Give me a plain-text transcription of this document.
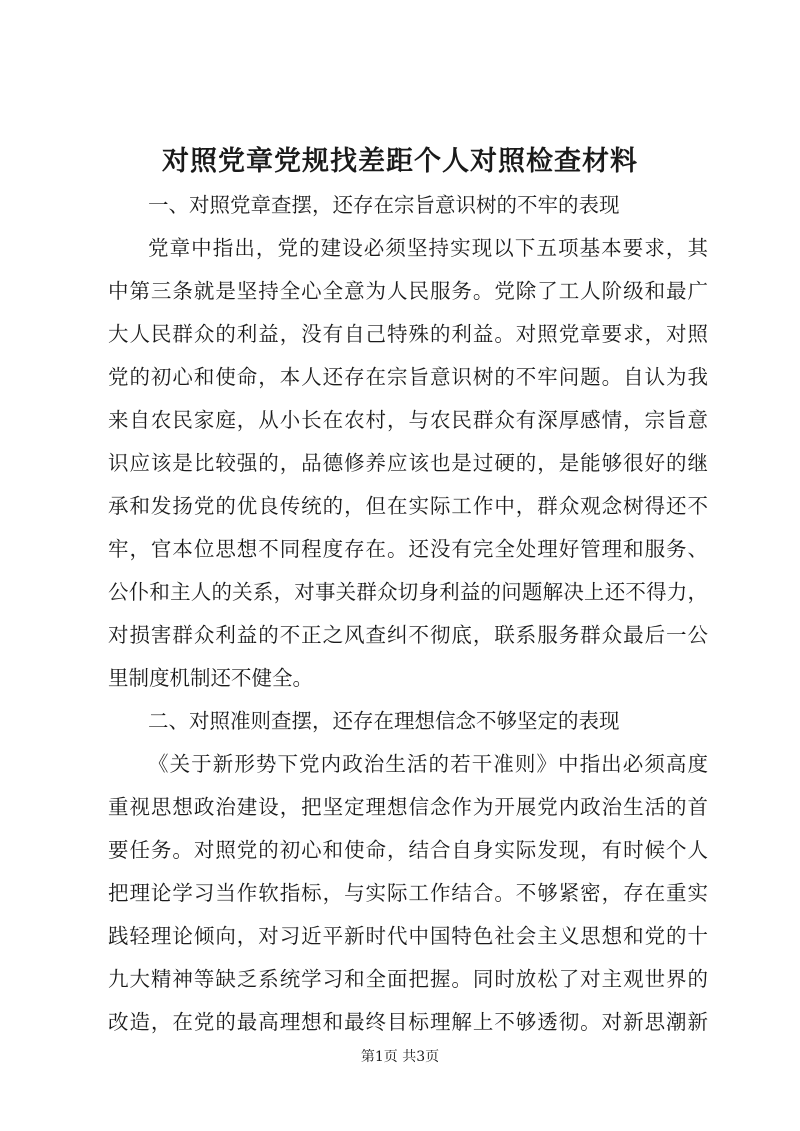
对照党章党规找差距个人对照检查材料
一、对照党章查摆，还存在宗旨意识树的不牢的表现
党章中指出，党的建设必须坚持实现以下五项基本要求，其
中第三条就是坚持全心全意为人民服务。党除了工人阶级和最广
大人民群众的利益，没有自己特殊的利益。对照党章要求，对照
党的初心和使命，本人还存在宗旨意识树的不牢问题。自认为我
来自农民家庭，从小长在农村，与农民群众有深厚感情，宗旨意
识应该是比较强的，品德修养应该也是过硬的，是能够很好的继
承和发扬党的优良传统的，但在实际工作中，群众观念树得还不
牢，官本位思想不同程度存在。还没有完全处理好管理和服务、
公仆和主人的关系，对事关群众切身利益的问题解决上还不得力，
对损害群众利益的不正之风查纠不彻底，联系服务群众最后一公
里制度机制还不健全。
二、对照准则查摆，还存在理想信念不够坚定的表现
《关于新形势下党内政治生活的若干准则》中指出必须高度
重视思想政治建设，把坚定理想信念作为开展党内政治生活的首
要任务。对照党的初心和使命，结合自身实际发现，有时候个人
把理论学习当作软指标，与实际工作结合。不够紧密，存在重实
践轻理论倾向，对习近平新时代中国特色社会主义思想和党的十
九大精神等缺乏系统学习和全面把握。同时放松了对主观世界的
改造，在党的最高理想和最终目标理解上不够透彻。对新思潮新
第1页 共3页
